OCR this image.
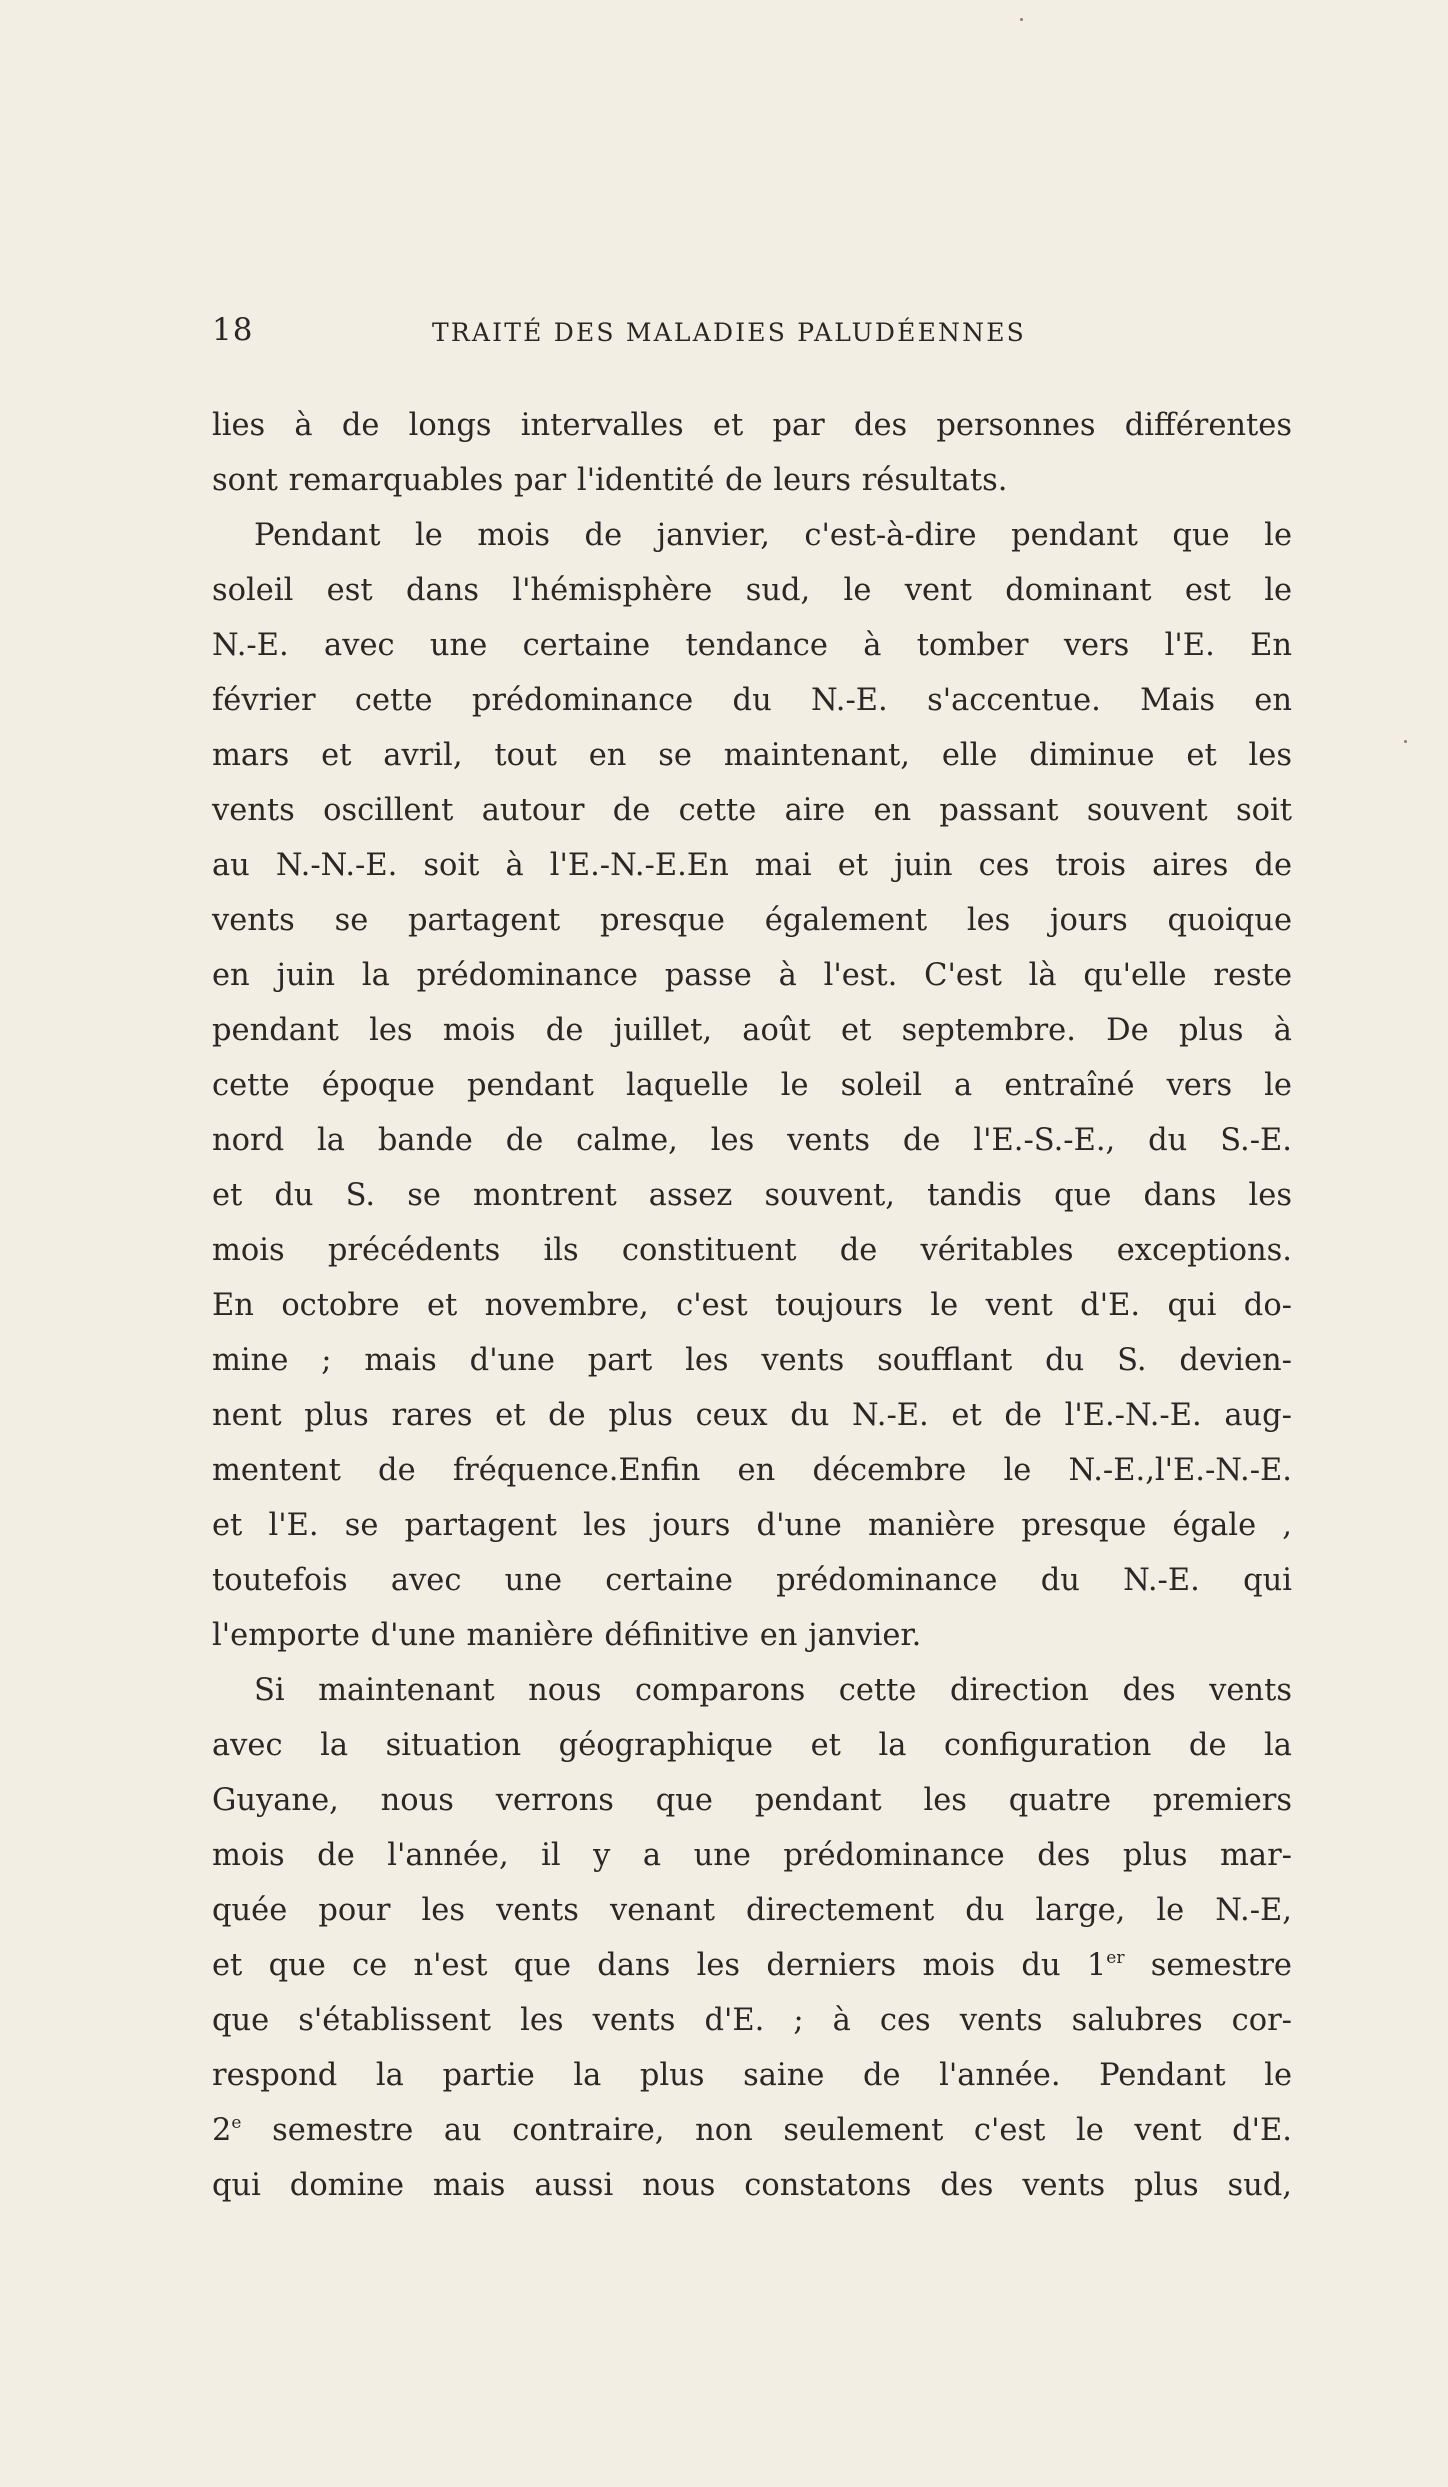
18	TRAITÉ DES MALADIES PALUDÉENNES
lies à de longs intervalles et par des personnes différentes
sont remarquables par l'identité de leurs résultats.
Pendant le mois de janvier, c'est-à-dire pendant que le
soleil est dans l'hémisphère sud, le vent dominant est le
N.-E. avec une certaine tendance à tomber vers l'E. En
février cette prédominance du N.-E. s'accentue. Mais en
mars et avril, tout en se maintenant, elle diminue et les
vents oscillent autour de cette aire en passant souvent soit
au N.-N.-E. soit à l'E.-N.-E.En mai et juin ces trois aires de
vents se partagent presque également les jours quoique
en juin la prédominance passe à l'est. C'est là qu'elle reste
pendant les mois de juillet, août et septembre. De plus à
cette époque pendant laquelle le soleil a entraîné vers le
nord la bande de calme, les vents de l'E.-S.-E., du S.-E.
et du S. se montrent assez souvent, tandis que dans les
mois précédents ils constituent de véritables exceptions.
En octobre et novembre, c'est toujours le vent d'E. qui do-
mine ; mais d'une part les vents soufflant du S. devien-
nent plus rares et de plus ceux du N.-E. et de l'E.-N.-E. aug-
mentent de fréquence.Enfin en décembre le N.-E.,l'E.-N.-E.
et l'E. se partagent les jours d'une manière presque égale ,
toutefois avec une certaine prédominance du N.-E. qui
l'emporte d'une manière définitive en janvier.
Si maintenant nous comparons cette direction des vents
avec la situation géographique et la configuration de la
Guyane, nous verrons que pendant les quatre premiers
mois de l'année, il y a une prédominance des plus mar-
quée pour les vents venant directement du large, le N.-E,
et que ce n'est que dans les derniers mois du 1er semestre
que s'établissent les vents d'E. ; à ces vents salubres cor-
respond la partie la plus saine de l'année. Pendant le
2e semestre au contraire, non seulement c'est le vent d'E.
qui domine mais aussi nous constatons des vents plus sud,
